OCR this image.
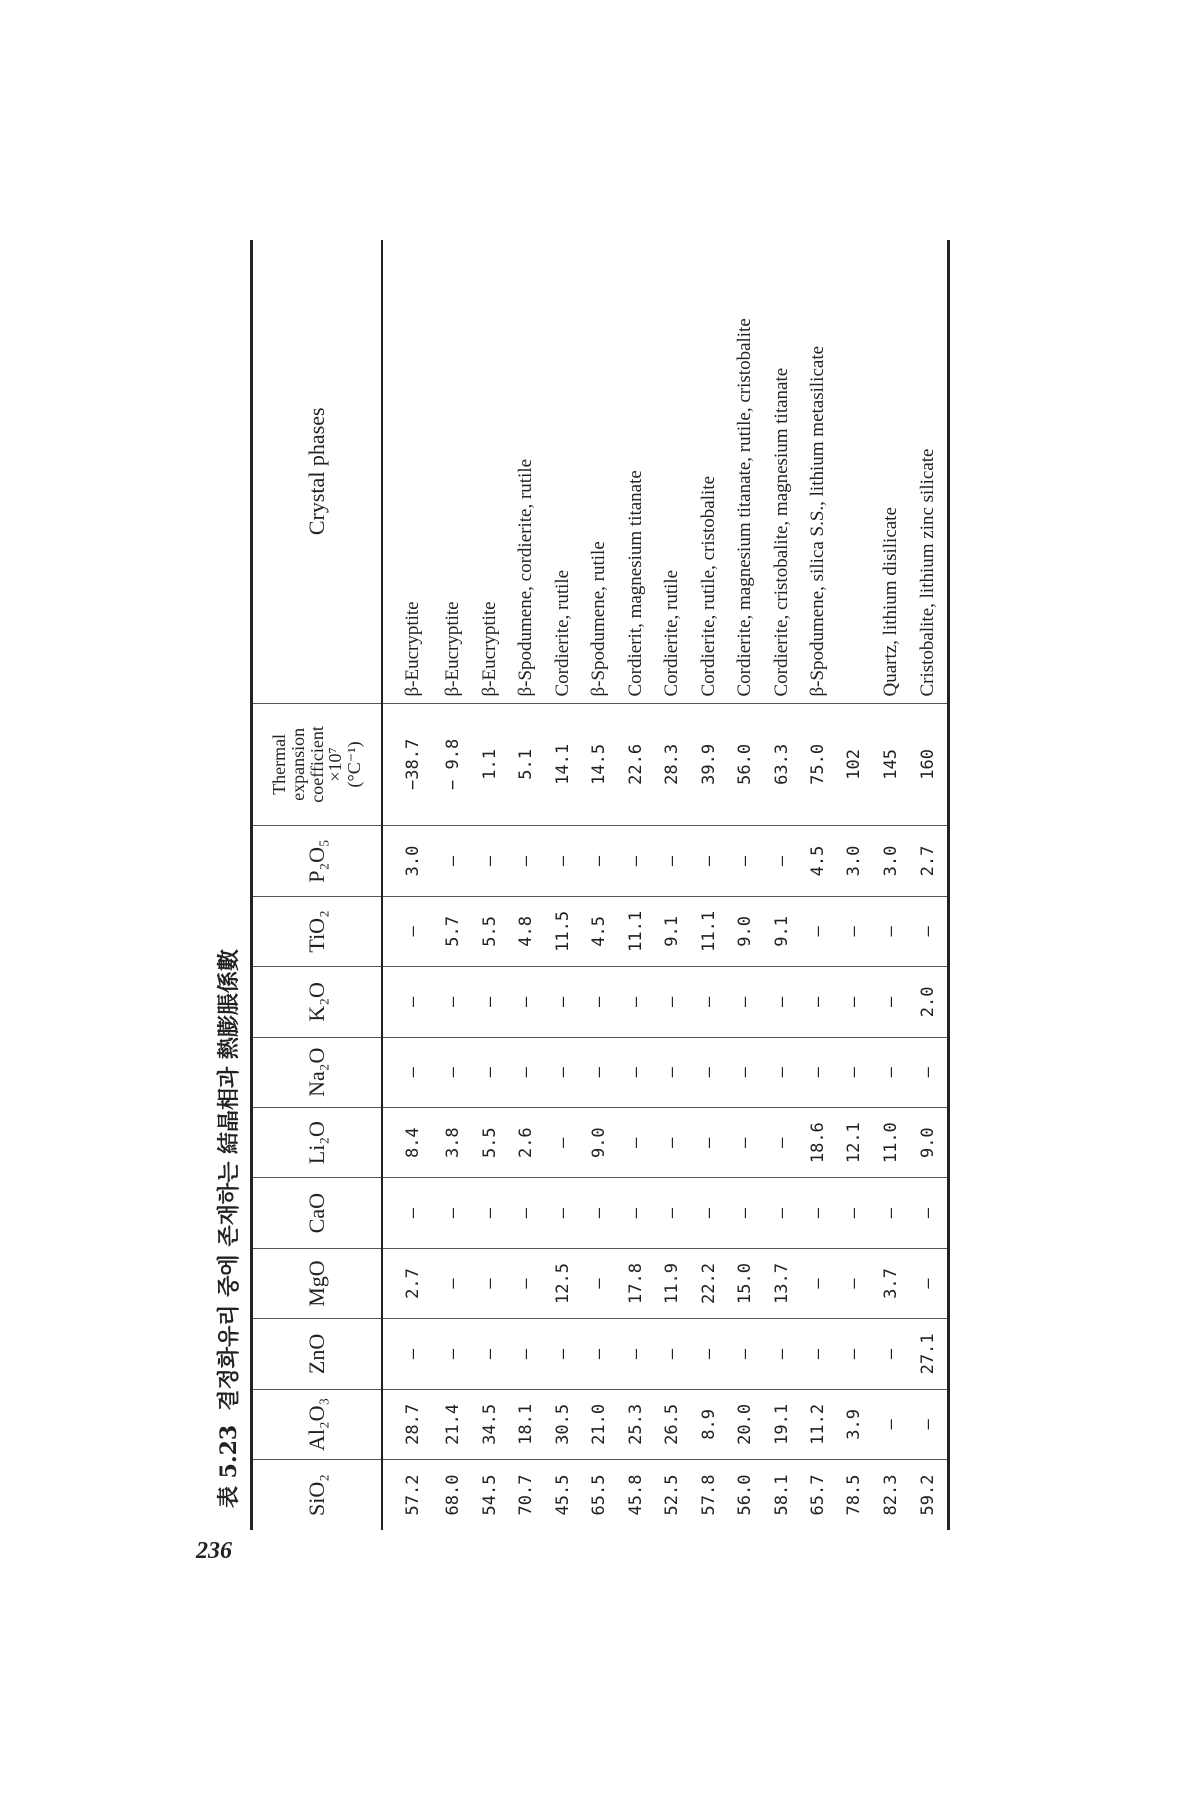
236
表 5.23결정화유리 중에 존재하는 結晶相과 熱膨脹係數
SiO₂	Al₂O₃	ZnO	MgO	CaO	Li₂O	Na₂O	K₂O	TiO₂	P₂O₅	Thermal
expansion
coefficient
×10⁷
(°C⁻¹)	Crystal phases
57.2	28.7	—	2.7	—	8.4	—	—	—	3.0	−38.7	β-Eucryptite
68.0	21.4	—	—	—	3.8	—	—	5.7	—	− 9.8	β-Eucryptite
54.5	34.5	—	—	—	5.5	—	—	5.5	—	1.1	β-Eucryptite
70.7	18.1	—	—	—	2.6	—	—	4.8	—	5.1	β-Spodumene, cordierite, rutile
45.5	30.5	—	12.5	—	—	—	—	11.5	—	14.1	Cordierite, rutile
65.5	21.0	—	—	—	9.0	—	—	4.5	—	14.5	β-Spodumene, rutile
45.8	25.3	—	17.8	—	—	—	—	11.1	—	22.6	Cordierit, magnesium titanate
52.5	26.5	—	11.9	—	—	—	—	9.1	—	28.3	Cordierite, rutile
57.8	8.9	—	22.2	—	—	—	—	11.1	—	39.9	Cordierite, rutile, cristobalite
56.0	20.0	—	15.0	—	—	—	—	9.0	—	56.0	Cordierite, magnesium titanate, rutile, cristobalite
58.1	19.1	—	13.7	—	—	—	—	9.1	—	63.3	Cordierite, cristobalite, magnesium titanate
65.7	11.2	—	—	—	18.6	—	—	—	4.5	75.0	β-Spodumene, silica S.S., lithium metasilicate
78.5	3.9	—	—	—	12.1	—	—	—	3.0	102	
82.3	—	—	3.7	—	11.0	—	—	—	3.0	145	Quartz, lithium disilicate
59.2	—	27.1	—	—	9.0	—	2.0	—	2.7	160	Cristobalite, lithium zinc silicate
